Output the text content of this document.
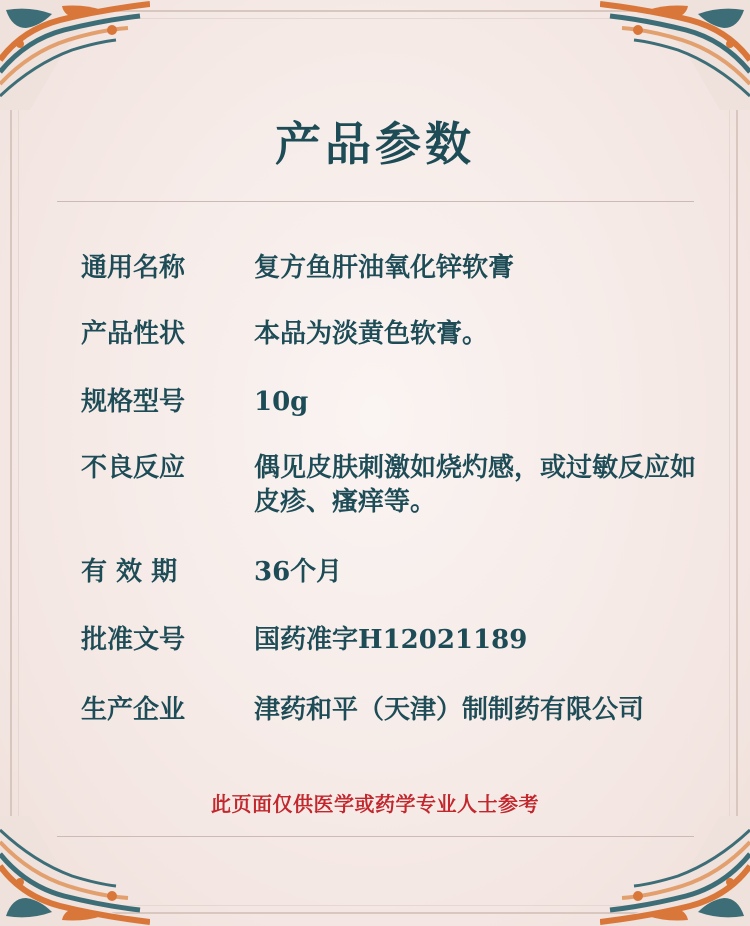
产品参数
通用名称	复方鱼肝油氧化锌软膏
产品性状	本品为淡黄色软膏。
规格型号	10g
不良反应	偶见皮肤刺激如烧灼感，或过敏反应如皮疹、瘙痒等。
有 效 期	36个月
批准文号	国药准字H12021189
生产企业	津药和平（天津）制制药有限公司
此页面仅供医学或药学专业人士参考
